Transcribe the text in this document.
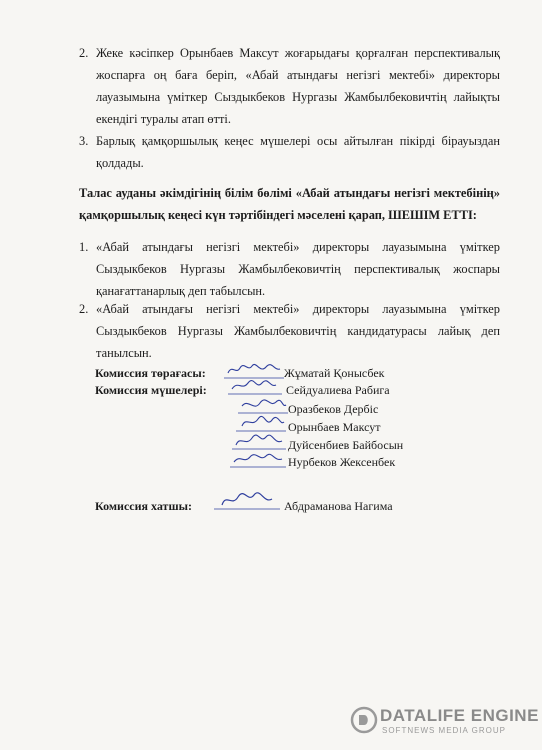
2. Жеке кәсіпкер Орынбаев Максут жоғарыдағы қорғалған перспективалық жоспарға оң баға беріп, «Абай атындағы негізгі мектебі» директоры лауазымына үміткер Сыздыкбеков Нургазы Жамбылбековичтің лайықты екендігі туралы атап өтті.
3. Барлық қамқоршылық кеңес мүшелері осы айтылған пікірді бірауыздан қолдады.
Талас ауданы әкімдігінің білім бөлімі «Абай атындағы негізгі мектебінің» қамқоршылық кеңесі күн тәртібіндегі мәселені қарап, ШЕШІМ ЕТТІ:
1. «Абай атындағы негізгі мектебі» директоры лауазымына үміткер Сыздыкбеков Нургазы Жамбылбековичтің перспективалық жоспары қанағаттанарлық деп табылсын.
2. «Абай атындағы негізгі мектебі» директоры лауазымына үміткер Сыздыкбеков Нургазы Жамбылбековичтің кандидатурасы лайық деп танылсын.
Комиссия төрағасы:	Жұматай Қонысбек
Комиссия мүшелері:	Сейдуалиева Рабига
Оразбеков Дербіс
Орынбаев Максут
Дуйсенбиев Байбосын
Нурбеков Жексенбек
Комиссия хатшы:	Абдраманова Нагима
DATALIFE ENGINE
SOFTNEWS MEDIA GROUP
